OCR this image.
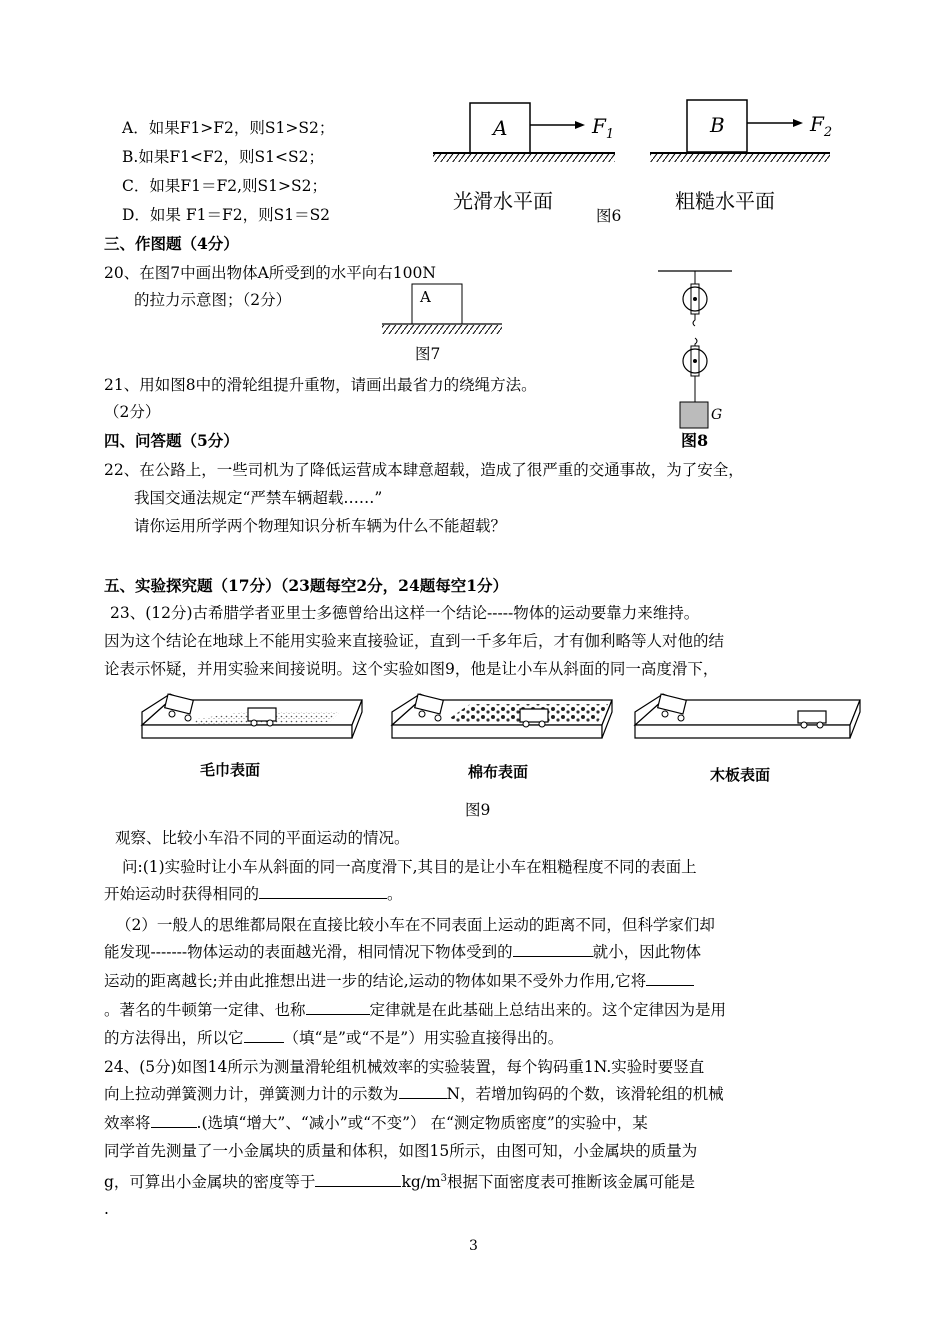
A．如果F1>F2，则S1>S2；
B.如果F1<F2，则S1<S2；
C．如果F1＝F2,则S1>S2；
D．如果 F1＝F2，则S1＝S2
A	$F_1$
光滑水平面
B	$F_2$
粗糙水平面
图6
三、作图题（4分）
20、在图7中画出物体A所受到的水平向右100N
的拉力示意图；（2分）	A
图7
G
21、用如图8中的滑轮组提升重物，请画出最省力的绕绳方法。
（2分）
四、问答题（5分）	图8
22、在公路上，一些司机为了降低运营成本肆意超载，造成了很严重的交通事故，为了安全，
我国交通法规定“严禁车辆超载……”
请你运用所学两个物理知识分析车辆为什么不能超载？
五、实验探究题（17分）（23题每空2分，24题每空1分）
23、(12分)古希腊学者亚里士多德曾给出这样一个结论-----物体的运动要靠力来维持。
因为这个结论在地球上不能用实验来直接验证，直到一千多年后，才有伽利略等人对他的结
论表示怀疑，并用实验来间接说明。这个实验如图9，他是让小车从斜面的同一高度滑下，
毛巾表面	棉布表面	木板表面
图9
观察、比较小车沿不同的平面运动的情况。
问:(1)实验时让小车从斜面的同一高度滑下,其目的是让小车在粗糙程度不同的表面上
开始运动时获得相同的	。
（2）一般人的思维都局限在直接比较小车在不同表面上运动的距离不同，但科学家们却
能发现-------物体运动的表面越光滑，相同情况下物体受到的	就小，因此物体
运动的距离越长;并由此推想出进一步的结论,运动的物体如果不受外力作用,它将
。著名的牛顿第一定律、也称	定律就是在此基础上总结出来的。这个定律因为是用
的方法得出，所以它	（填“是”或“不是”）用实验直接得出的。
24、(5分)如图14所示为测量滑轮组机械效率的实验装置，每个钩码重1N.实验时要竖直
向上拉动弹簧测力计，弹簧测力计的示数为	N，若增加钩码的个数，该滑轮组的机械
效率将	.(选填“增大”、“减小”或“不变”） 在“测定物质密度”的实验中，某
同学首先测量了一小金属块的质量和体积，如图15所示，由图可知，小金属块的质量为
g，可算出小金属块的密度等于	$kg/m^3$根据下面密度表可推断该金属可能是
.
3
